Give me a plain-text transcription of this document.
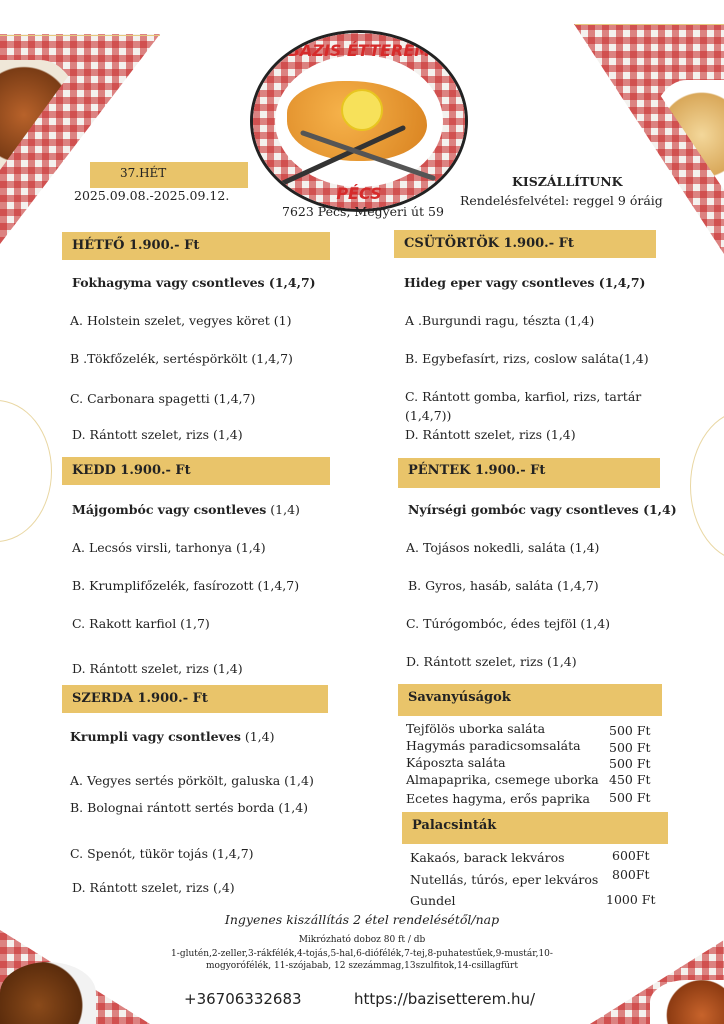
37.HÉT
2025.09.08.-2025.09.12.
BÁZIS ÉTTEREM
PÉCS
7623 Pécs, Megyeri út 59
KISZÁLLÍTUNK
Rendelésfelvétel: reggel 9 óráig
HÉTFŐ 1.900.- Ft
Fokhagyma vagy csontleves (1,4,7)
A. Holstein szelet, vegyes köret (1)
B .Tökfőzelék, sertéspörkölt (1,4,7)
C. Carbonara spagetti (1,4,7)
D. Rántott szelet, rizs (1,4)
KEDD 1.900.- Ft
Májgombóc vagy csontleves (1,4)
A. Lecsós virsli, tarhonya (1,4)
B. Krumplifőzelék, fasírozott (1,4,7)
C. Rakott karfiol (1,7)
D. Rántott szelet, rizs (1,4)
SZERDA 1.900.- Ft
Krumpli vagy csontleves (1,4)
A. Vegyes sertés pörkölt, galuska (1,4)
B. Bolognai rántott sertés borda (1,4)
C. Spenót, tükör tojás (1,4,7)
D. Rántott szelet, rizs (,4)
CSÜTÖRTÖK 1.900.- Ft
Hideg eper vagy csontleves (1,4,7)
A .Burgundi ragu, tészta (1,4)
B. Egybefasírt, rizs, coslow saláta(1,4)
C. Rántott gomba, karfiol, rizs, tartár
(1,4,7))
D. Rántott szelet, rizs (1,4)
PÉNTEK 1.900.- Ft
Nyírségi gombóc vagy csontleves (1,4)
A. Tojásos nokedli, saláta (1,4)
B. Gyros, hasáb, saláta (1,4,7)
C. Túrógombóc, édes tejföl (1,4)
D. Rántott szelet, rizs (1,4)
Savanyúságok
Tejfölös uborka saláta	500 Ft
Hagymás paradicsomsaláta 500 Ft
Káposzta saláta	500 Ft
Almapaprika, csemege uborka 450 Ft
Ecetes hagyma, erős paprika 500 Ft
Palacsinták
Kakaós, barack lekváros	600Ft
Nutellás, túrós, eper lekváros 800Ft
Gundel	1000 Ft
Ingyenes kiszállítás 2 étel rendelésétől/nap
Mikrózható doboz 80 ft / db
1-glutén,2-zeller,3-rákfélék,4-tojás,5-hal,6-diófélék,7-tej,8-puhatestűek,9-mustár,10-mogyorófélék, 11-szójabab, 12 szezámmag,13szulfitok,14-csillagfürt
+36706332683	https://bazisetterem.hu/
